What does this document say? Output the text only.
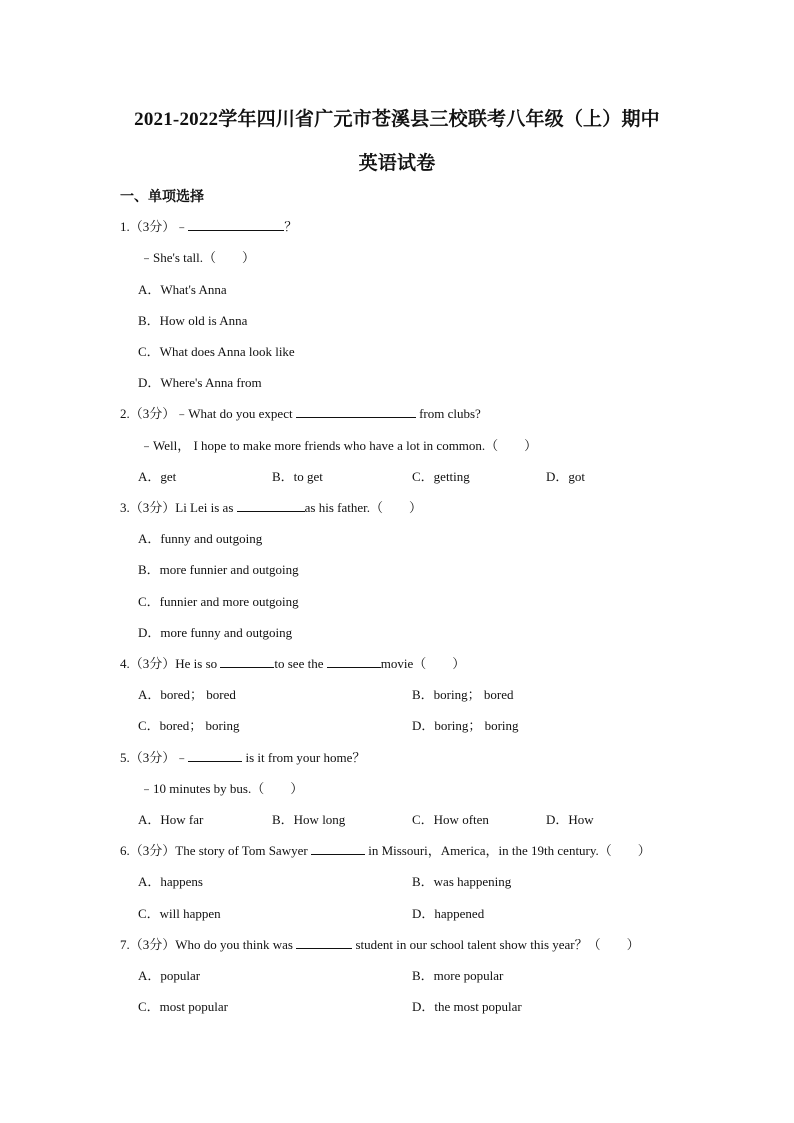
2021-2022学年四川省广元市苍溪县三校联考八年级（上）期中
英语试卷
一、单项选择
1.（3分）﹣	？
﹣She's tall.（　　）
A．What's Anna
B．How old is Anna
C．What does Anna look like
D．Where's Anna from
2.（3分）﹣What do you expect	from clubs?
﹣Well， I hope to make more friends who have a lot in common.（　　）
A．get	B．to get	C．getting	D．got
3.（3分）Li Lei is as	as his father.（　　）
A．funny and outgoing
B．more funnier and outgoing
C．funnier and more outgoing
D．more funny and outgoing
4.（3分）He is so	to see the	movie（　　）
A．bored； bored	B．boring； bored
C．bored； boring	D．boring； boring
5.（3分）﹣	is it from your home？
﹣10 minutes by bus.（　　）
A．How far	B．How long	C．How often	D．How
6.（3分）The story of Tom Sawyer	in Missouri，America，in the 19th century.（　　）
A．happens	B．was happening
C．will happen	D．happened
7.（3分）Who do you think was	student in our school talent show this year？（　　）
A．popular	B．more popular
C．most popular	D．the most popular
